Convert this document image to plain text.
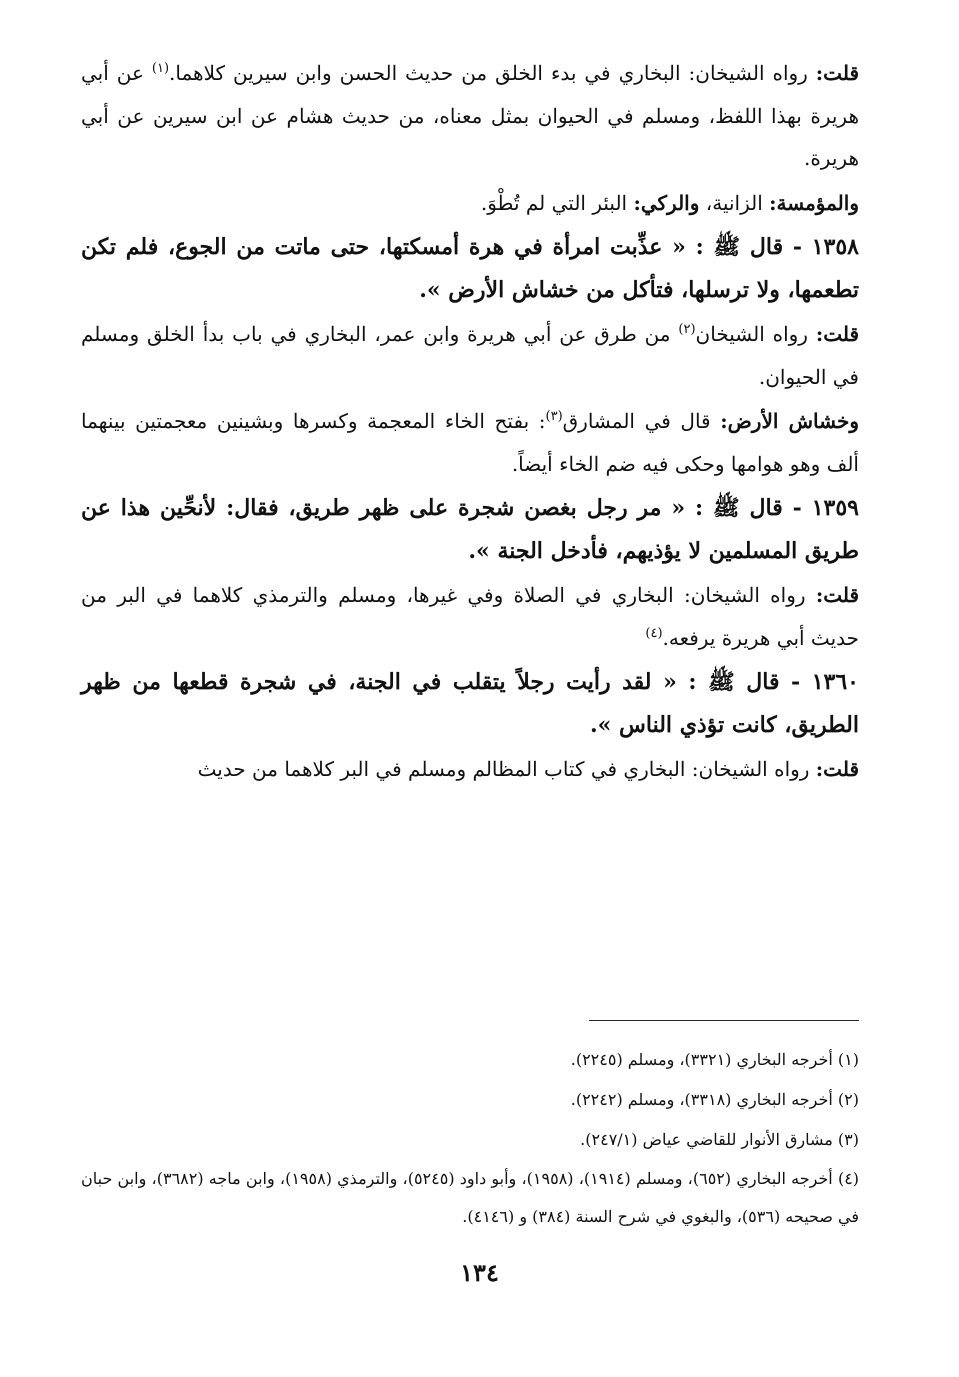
قلت: رواه الشيخان: البخاري في بدء الخلق من حديث الحسن وابن سيرين كلاهما.$^{(١)}$ عن أبي هريرة بهذا اللفظ، ومسلم في الحيوان بمثل معناه، من حديث هشام عن ابن سيرين عن أبي هريرة.

والمؤمسة: الزانية، والركي: البئر التي لم تُطْوَ.

١٣٥٨ - قال ﷺ : « عذِّبت امرأة في هرة أمسكتها، حتى ماتت من الجوع، فلم تكن تطعمها، ولا ترسلها، فتأكل من خشاش الأرض ».

قلت: رواه الشيخان$^{(٢)}$ من طرق عن أبي هريرة وابن عمر، البخاري في باب بدأ الخلق ومسلم في الحيوان.

وخشاش الأرض: قال في المشارق$^{(٣)}$: بفتح الخاء المعجمة وكسرها وبشينين معجمتين بينهما ألف وهو هوامها وحكى فيه ضم الخاء أيضاً.

١٣٥٩ - قال ﷺ : « مر رجل بغصن شجرة على ظهر طريق، فقال: لأنحِّين هذا عن طريق المسلمين لا يؤذيهم، فأدخل الجنة ».

قلت: رواه الشيخان: البخاري في الصلاة وفي غيرها، ومسلم والترمذي كلاهما في البر من حديث أبي هريرة يرفعه.$^{(٤)}$

١٣٦٠ - قال ﷺ : « لقد رأيت رجلاً يتقلب في الجنة، في شجرة قطعها من ظهر الطريق، كانت تؤذي الناس ».

قلت: رواه الشيخان: البخاري في كتاب المظالم ومسلم في البر كلاهما من حديث

(١) أخرجه البخاري (٣٣٢١)، ومسلم (٢٢٤٥).

(٢) أخرجه البخاري (٣٣١٨)، ومسلم (٢٢٤٢).

(٣) مشارق الأنوار للقاضي عياض (٢٤٧/١).

(٤) أخرجه البخاري (٦٥٢)، ومسلم (١٩١٤)، (١٩٥٨)، وأبو داود (٥٢٤٥)، والترمذي (١٩٥٨)، وابن ماجه (٣٦٨٢)، وابن حبان في صحيحه (٥٣٦)، والبغوي في شرح السنة (٣٨٤) و (٤١٤٦).

١٣٤
